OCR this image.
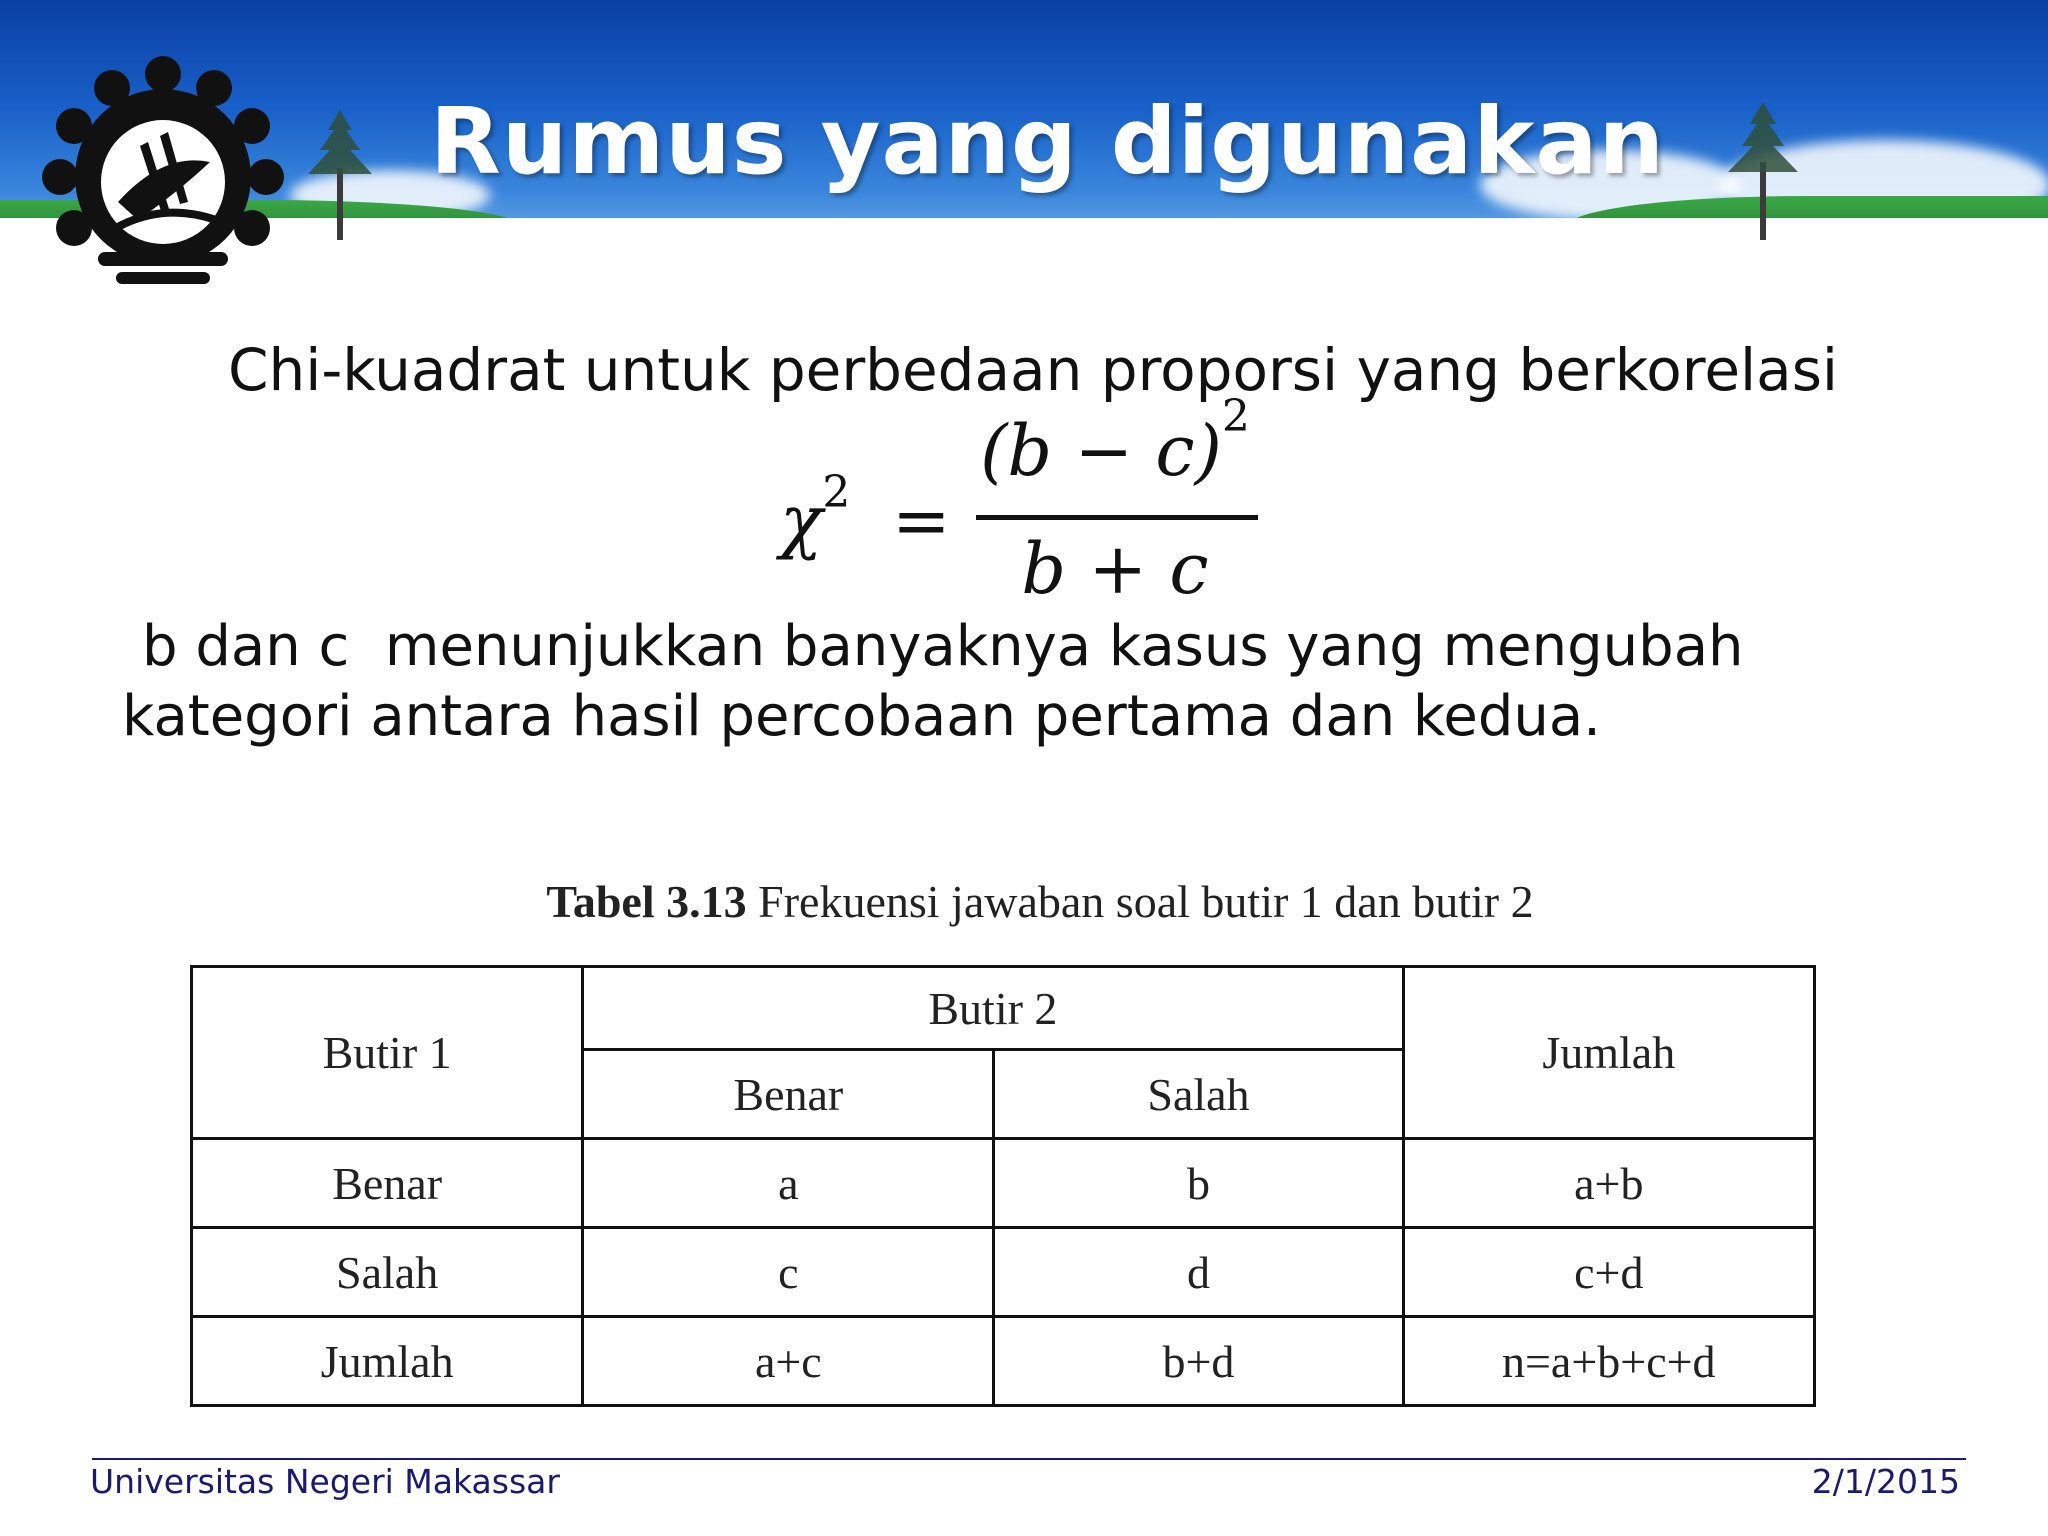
Rumus yang digunakan
Chi-kuadrat untuk perbedaan proporsi yang berkorelasi
$\chi^2$ =
$(b - c)^2$
b + c
b dan c  menunjukkan banyaknya kasus yang mengubah
kategori antara hasil percobaan pertama dan kedua.
Tabel 3.13 Frekuensi jawaban soal butir 1 dan butir 2
Butir 1	Butir 2		Jumlah
	Benar	Salah	
Benar	a	b	a+b
Salah	c	d	c+d
Jumlah	a+c	b+d	n=a+b+c+d
Universitas Negeri Makassar	2/1/2015
